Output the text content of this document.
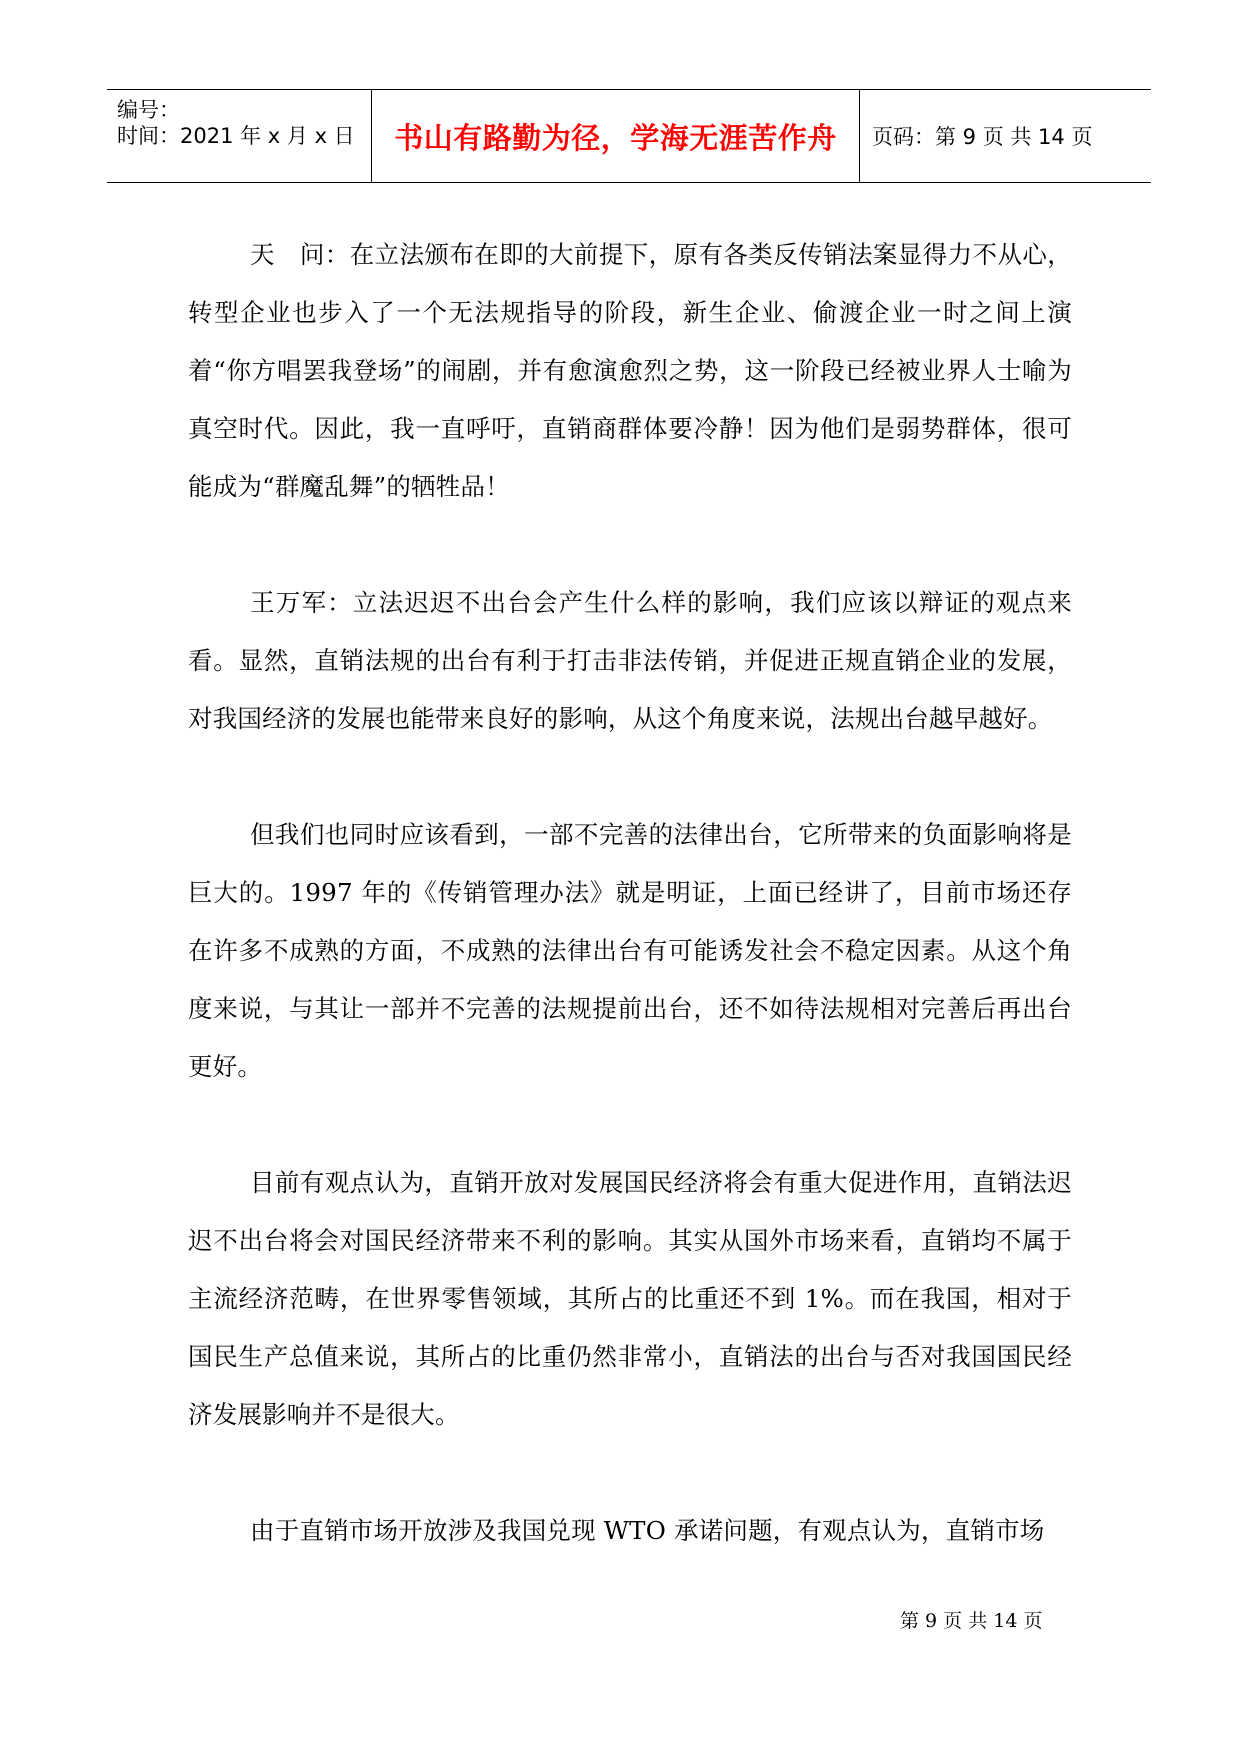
编号：
时间：2021 年 x 月 x 日 书山有路勤为径，学海无涯苦作舟 页码：第 9 页 共 14 页

天　问：在立法颁布在即的大前提下，原有各类反传销法案显得力不从心，转型企业也步入了一个无法规指导的阶段，新生企业、偷渡企业一时之间上演着“你方唱罢我登场”的闹剧，并有愈演愈烈之势，这一阶段已经被业界人士喻为真空时代。因此，我一直呼吁，直销商群体要冷静！因为他们是弱势群体，很可能成为“群魔乱舞”的牺牲品！

王万军：立法迟迟不出台会产生什么样的影响，我们应该以辩证的观点来看。显然，直销法规的出台有利于打击非法传销，并促进正规直销企业的发展，对我国经济的发展也能带来良好的影响，从这个角度来说，法规出台越早越好。

但我们也同时应该看到，一部不完善的法律出台，它所带来的负面影响将是巨大的。1997 年的《传销管理办法》就是明证，上面已经讲了，目前市场还存在许多不成熟的方面，不成熟的法律出台有可能诱发社会不稳定因素。从这个角度来说，与其让一部并不完善的法规提前出台，还不如待法规相对完善后再出台更好。

目前有观点认为，直销开放对发展国民经济将会有重大促进作用，直销法迟迟不出台将会对国民经济带来不利的影响。其实从国外市场来看，直销均不属于主流经济范畴，在世界零售领域，其所占的比重还不到 1%。而在我国，相对于国民生产总值来说，其所占的比重仍然非常小，直销法的出台与否对我国国民经济发展影响并不是很大。

由于直销市场开放涉及我国兑现 WTO 承诺问题，有观点认为，直销市场

第 9 页 共 14 页
